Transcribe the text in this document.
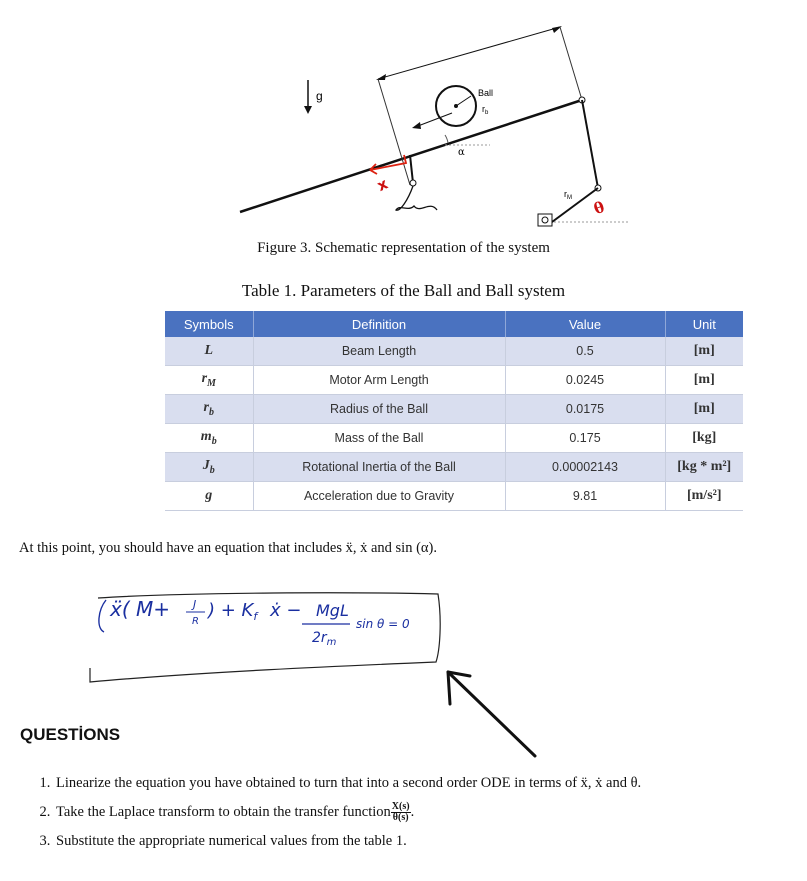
g
α
Ball
$r_b$
x	$r_M$ θ
Figure 3. Schematic representation of the system
Table 1. Parameters of the Ball and Ball system
Symbols	Definition	Value	Unit
L	Beam Length	0.5	[m]
$r_M$	Motor Arm Length	0.0245	[m]
$r_b$	Radius of the Ball	0.0175	[m]
$m_b$	Mass of the Ball	0.175	[kg]
$J_b$	Rotational Inertia of the Ball	0.00002143	[kg * m²]
g	Acceleration due to Gravity	9.81	[m/s²]
At this point, you should have an equation that includes ẍ, ẋ and sin (α).
ẍ( M+ J
R
) + $K_f$ ẋ − MgL
$2r_m$
sin θ = 0
QUESTİONS
1. Linearize the equation you have obtained to turn that into a second order ODE in terms of ẍ, ẋ and θ.
2. Take the Laplace transform to obtain the transfer function $\frac{X(s)}{\theta(s)}$ .
3. Substitute the appropriate numerical values from the table 1.
